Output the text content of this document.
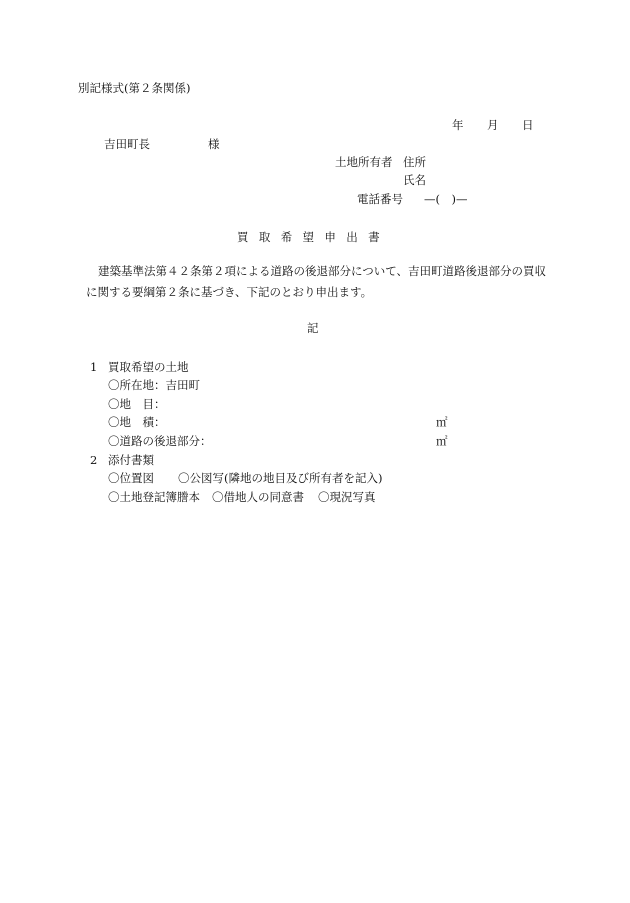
別記様式(第２条関係)
年 月 日
吉田町長	様
土地所有者 住所
氏名
電話番号 —(　)—
買取希望申出書
建築基準法第４２条第２項による道路の後退部分について、吉田町道路後退部分の買収
に関する要綱第２条に基づき、下記のとおり申出ます。
記
1 買取希望の土地
〇所在地：吉田町
〇地　目：
〇地　積：	㎡
〇道路の後退部分：	㎡
2 添付書類
〇位置図 〇公図写(隣地の地目及び所有者を記入)
〇土地登記簿謄本 〇借地人の同意書 〇現況写真
